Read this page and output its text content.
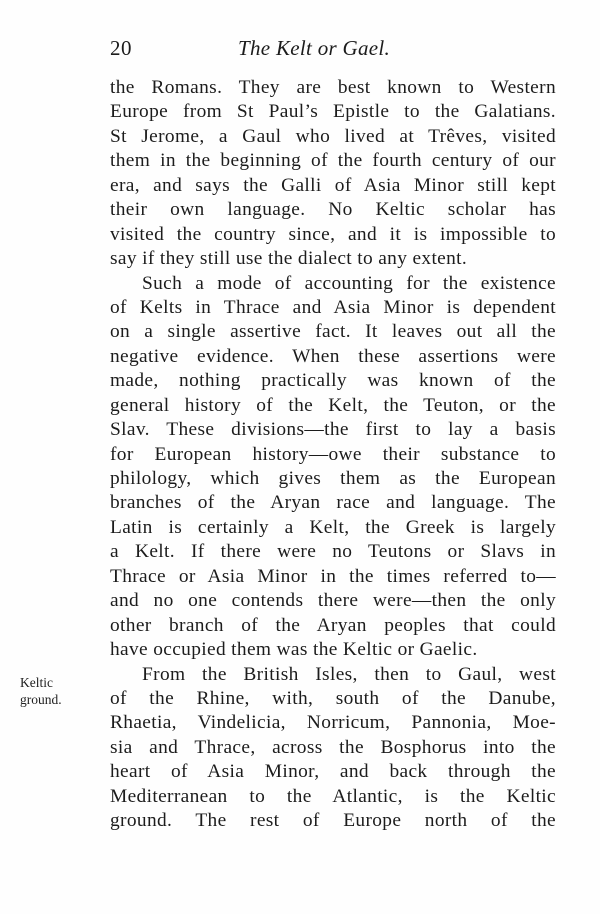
20	The Kelt or Gael.
the Romans. They are best known to Western
Europe from St Paul’s Epistle to the Galatians.
St Jerome, a Gaul who lived at Trêves, visited
them in the beginning of the fourth century of our
era, and says the Galli of Asia Minor still kept
their own language. No Keltic scholar has
visited the country since, and it is impossible to
say if they still use the dialect to any extent.
Such a mode of accounting for the existence
of Kelts in Thrace and Asia Minor is dependent
on a single assertive fact. It leaves out all the
negative evidence. When these assertions were
made, nothing practically was known of the
general history of the Kelt, the Teuton, or the
Slav. These divisions—the first to lay a basis
for European history—owe their substance to
philology, which gives them as the European
branches of the Aryan race and language. The
Latin is certainly a Kelt, the Greek is largely
a Kelt. If there were no Teutons or Slavs in
Thrace or Asia Minor in the times referred to—
and no one contends there were—then the only
other branch of the Aryan peoples that could
have occupied them was the Keltic or Gaelic.
From the British Isles, then to Gaul, west
of the Rhine, with, south of the Danube,
Rhaetia, Vindelicia, Norricum, Pannonia, Moe-
sia and Thrace, across the Bosphorus into the
heart of Asia Minor, and back through the
Mediterranean to the Atlantic, is the Keltic
ground. The rest of Europe north of the
Keltic
ground.
